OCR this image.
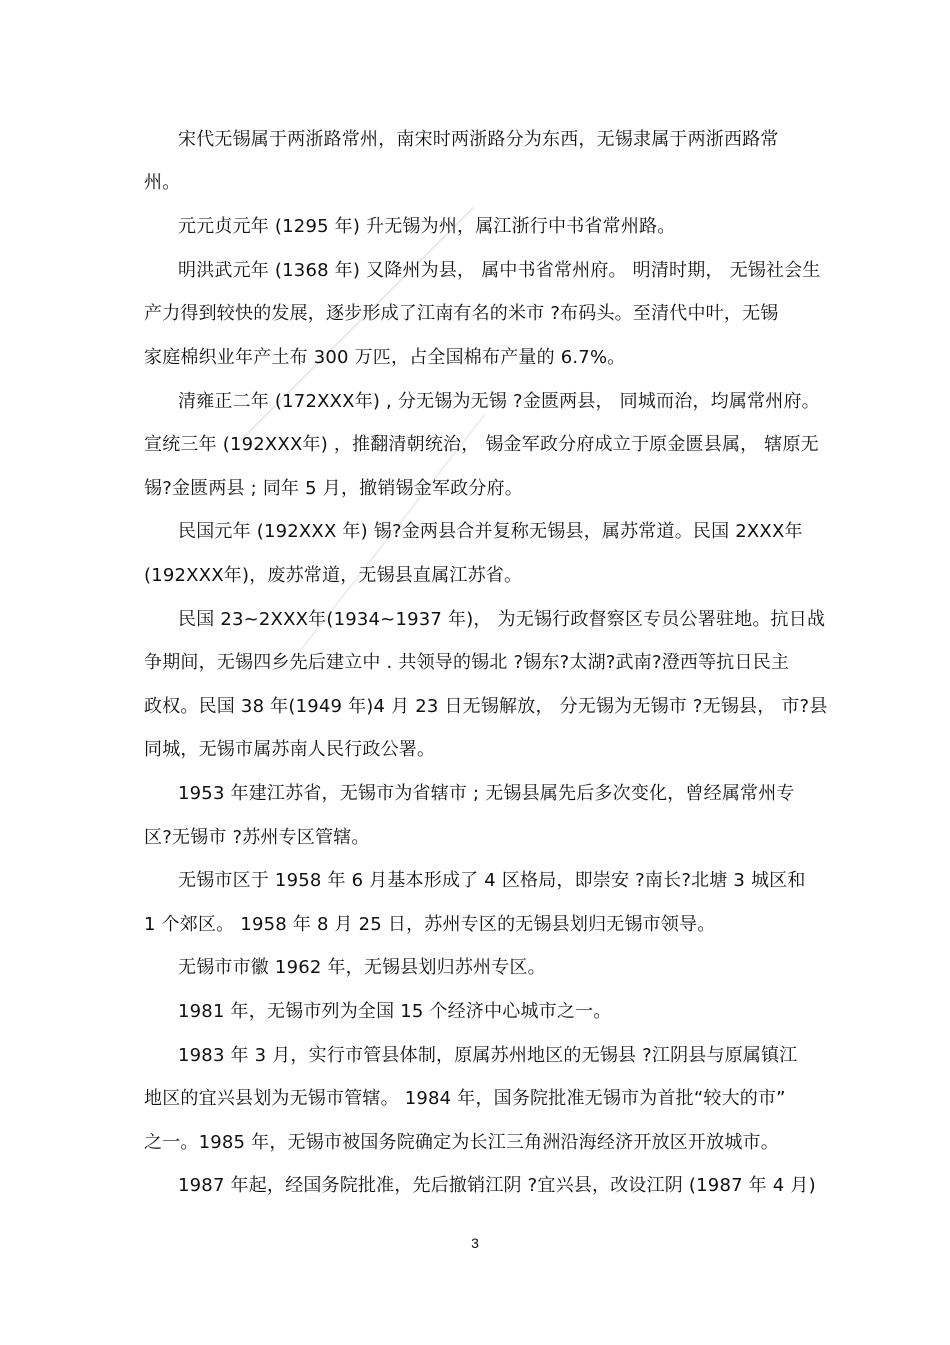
宋代无锡属于两浙路常州，南宋时两浙路分为东西，无锡隶属于两浙西路常
州。
元元贞元年 (1295 年) 升无锡为州，属江浙行中书省常州路。
明洪武元年 (1368 年) 又降州为县， 属中书省常州府。 明清时期， 无锡社会生
产力得到较快的发展，逐步形成了江南有名的米市 ?布码头。至清代中叶，无锡
家庭棉织业年产土布 300 万匹，占全国棉布产量的 6.7%。
清雍正二年 (172XXX年) , 分无锡为无锡 ?金匮两县， 同城而治，均属常州府。
宣统三年 (192XXX年) ，推翻清朝统治， 锡金军政分府成立于原金匮县属， 辖原无
锡?金匮两县 ; 同年 5 月，撤销锡金军政分府。
民国元年 (192XXX 年) 锡?金两县合并复称无锡县，属苏常道。民国 2XXX年
(192XXX年)，废苏常道，无锡县直属江苏省。
民国 23~2XXX年(1934~1937 年)， 为无锡行政督察区专员公署驻地。抗日战
争期间，无锡四乡先后建立中 . 共领导的锡北 ?锡东?太湖?武南?澄西等抗日民主
政权。民国 38 年(1949 年)4 月 23 日无锡解放， 分无锡为无锡市 ?无锡县， 市?县
同城，无锡市属苏南人民行政公署。
1953 年建江苏省，无锡市为省辖市 ; 无锡县属先后多次变化，曾经属常州专
区?无锡市 ?苏州专区管辖。
无锡市区于 1958 年 6 月基本形成了 4 区格局，即崇安 ?南长?北塘 3 城区和
1 个郊区。 1958 年 8 月 25 日，苏州专区的无锡县划归无锡市领导。
无锡市市徽 1962 年，无锡县划归苏州专区。
1981 年，无锡市列为全国 15 个经济中心城市之一。
1983 年 3 月，实行市管县体制，原属苏州地区的无锡县 ?江阴县与原属镇江
地区的宜兴县划为无锡市管辖。 1984 年，国务院批准无锡市为首批“较大的市”
之一。1985 年，无锡市被国务院确定为长江三角洲沿海经济开放区开放城市。
1987 年起，经国务院批准，先后撤销江阴 ?宜兴县，改设江阴 (1987 年 4 月)
3
